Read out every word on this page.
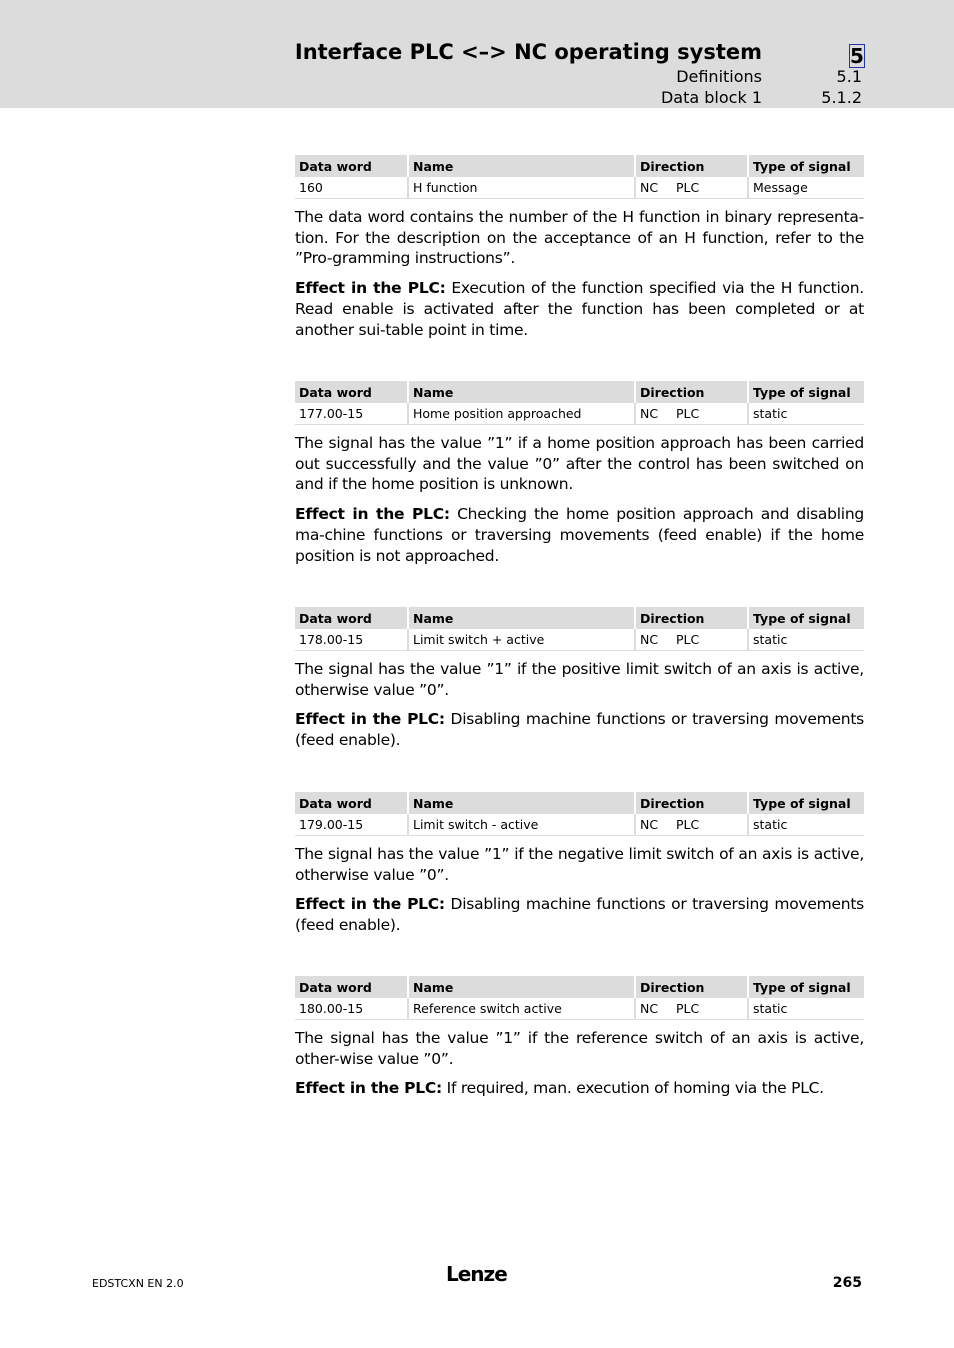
Interface PLC <–> NC operating system	5
Definitions	5.1
Data block 1	5.1.2
Data word	Name	Direction	Type of signal
160	H function	NC PLC	Message

The data word contains the number of the H function in binary representa-tion. For the description on the acceptance of an H function, refer to the ”Pro-gramming instructions”.

Effect in the PLC: Execution of the function specified via the H function. Read enable is activated after the function has been completed or at another sui-table point in time.

Data word	Name	Direction	Type of signal
177.00-15	Home position approached	NC PLC	static

The signal has the value ”1” if a home position approach has been carried out successfully and the value ”0” after the control has been switched on and if the home position is unknown.

Effect in the PLC: Checking the home position approach and disabling ma-chine functions or traversing movements (feed enable) if the home position is not approached.

Data word	Name	Direction	Type of signal
178.00-15	Limit switch + active	NC PLC	static

The signal has the value ”1” if the positive limit switch of an axis is active, otherwise value ”0”.

Effect in the PLC: Disabling machine functions or traversing movements (feed enable).

Data word	Name	Direction	Type of signal
179.00-15	Limit switch - active	NC PLC	static

The signal has the value ”1” if the negative limit switch of an axis is active, otherwise value ”0”.

Effect in the PLC: Disabling machine functions or traversing movements (feed enable).

Data word	Name	Direction	Type of signal
180.00-15	Reference switch active	NC PLC	static

The signal has the value ”1” if the reference switch of an axis is active, other-wise value ”0”.

Effect in the PLC: If required, man. execution of homing via the PLC.

EDSTCXN EN 2.0	Lenze	265
